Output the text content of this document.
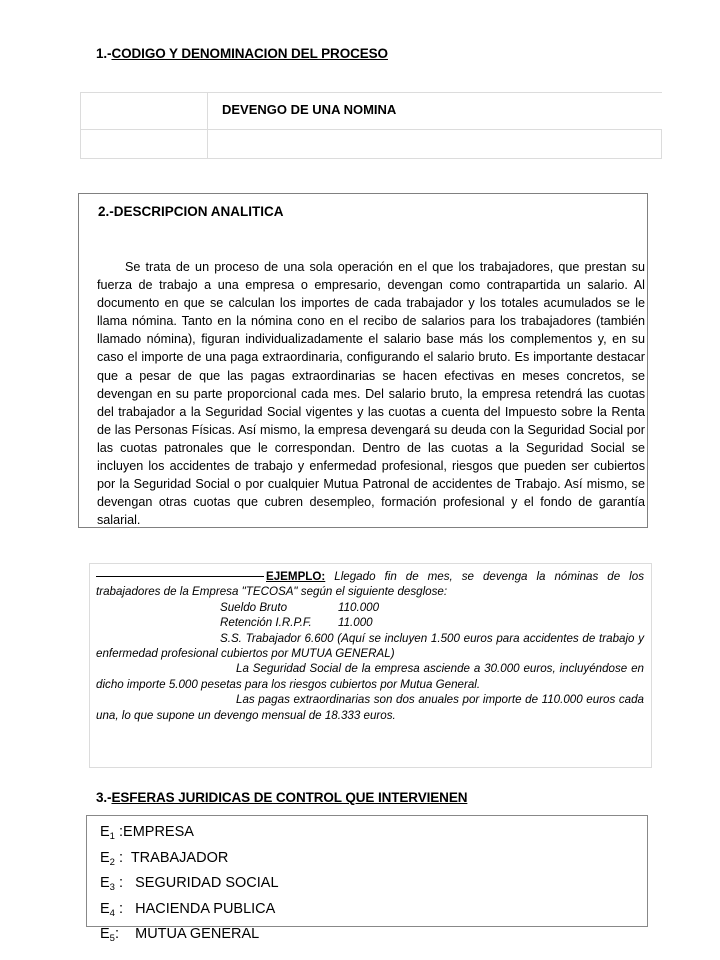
1.-CODIGO Y DENOMINACION DEL PROCESO

	DEVENGO DE UNA NOMINA

2.-DESCRIPCION ANALITICA
Se trata de un proceso de una sola operación en el que los trabajadores, que prestan su fuerza de trabajo a una empresa o empresario, devengan como contrapartida un salario. Al documento en que se calculan los importes de cada trabajador y los totales acumulados se le llama nómina. Tanto en la nómina cono en el recibo de salarios para los trabajadores (también llamado nómina), figuran individualizadamente el salario base más los complementos y, en su caso el importe de una paga extraordinaria, configurando el salario bruto. Es importante destacar que a pesar de que las pagas extraordinarias se hacen efectivas en meses concretos, se devengan en su parte proporcional cada mes. Del salario bruto, la empresa retendrá las cuotas del trabajador a la Seguridad Social vigentes y las cuotas a cuenta del Impuesto sobre la Renta de las Personas Físicas. Así mismo, la empresa devengará su deuda con la Seguridad Social por las cuotas patronales que le correspondan. Dentro de las cuotas a la Seguridad Social se incluyen los accidentes de trabajo y enfermedad profesional, riesgos que pueden ser cubiertos por la Seguridad Social o por cualquier Mutua Patronal de accidentes de Trabajo. Así mismo, se devengan otras cuotas que cubren desempleo, formación profesional y el fondo de garantía salarial.

EJEMPLO: Llegado fin de mes, se devenga la nóminas de los trabajadores de la Empresa "TECOSA" según el siguiente desglose:

Sueldo Bruto	110.000

Retención I.R.P.F. 11.000

S.S. Trabajador 6.600 (Aquí se incluyen 1.500 euros para accidentes de trabajo y enfermedad profesional cubiertos por MUTUA GENERAL)

La Seguridad Social de la empresa asciende a 30.000 euros, incluyéndose en dicho importe 5.000 pesetas para los riesgos cubiertos por Mutua General.

Las pagas extraordinarias son dos anuales por importe de 110.000 euros cada una, lo que supone un devengo mensual de 18.333 euros.

3.-ESFERAS JURIDICAS DE CONTROL QUE INTERVIENEN
$E_1$ :EMPRESA
$E_2$ :  TRABAJADOR
$E_3$ :   SEGURIDAD SOCIAL
$E_4$ :   HACIENDA PUBLICA
$E_5$:    MUTUA GENERAL
